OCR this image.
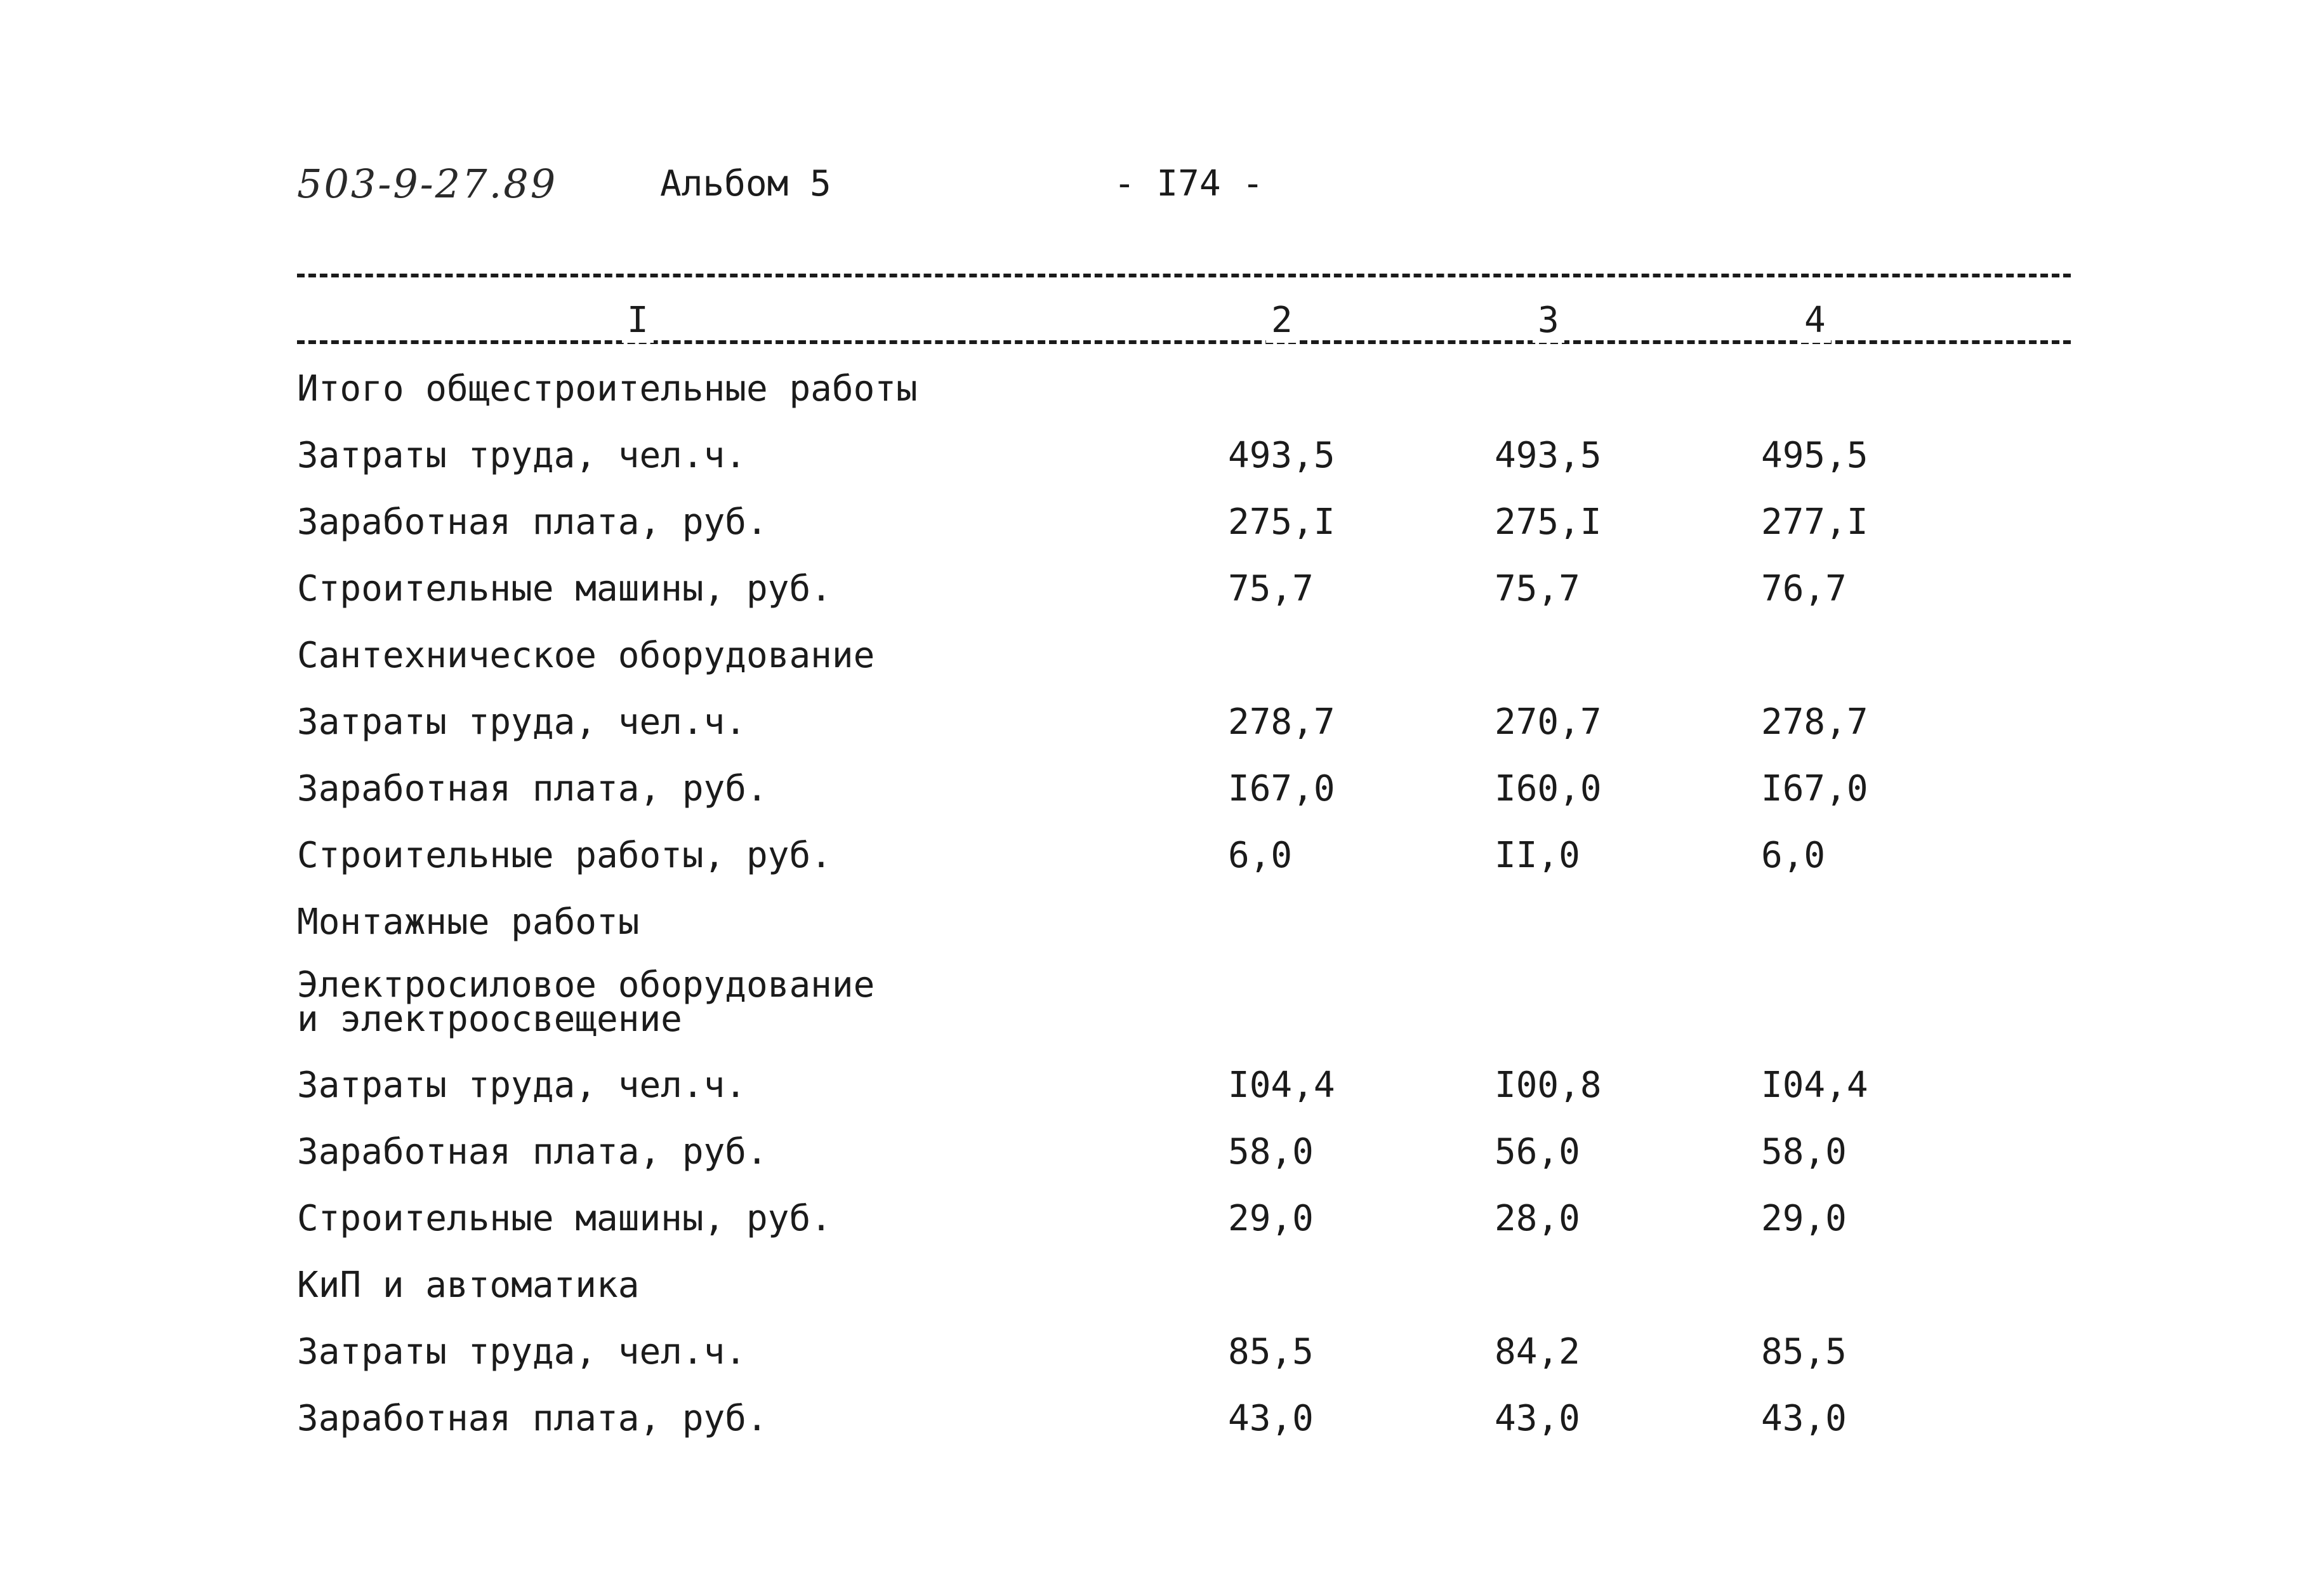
503-9-27.89	Альбом 5	- I74 -
I	2	3	4
Итого общестроительные работы
Затраты труда, чел.ч.	493,5	493,5	495,5
Заработная плата, руб.	275,I	275,I	277,I
Строительные машины, руб.	75,7	75,7	76,7
Сантехническое оборудование
Затраты труда, чел.ч.	278,7	270,7	278,7
Заработная плата, руб.	I67,0	I60,0	I67,0
Строительные работы, руб.	6,0	II,0	6,0
Монтажные работы
Электросиловое оборудование
и электроосвещение
Затраты труда, чел.ч.	I04,4	I00,8	I04,4
Заработная плата, руб.	58,0	56,0	58,0
Строительные машины, руб.	29,0	28,0	29,0
КиП и автоматика
Затраты труда, чел.ч.	85,5	84,2	85,5
Заработная плата, руб.	43,0	43,0	43,0
